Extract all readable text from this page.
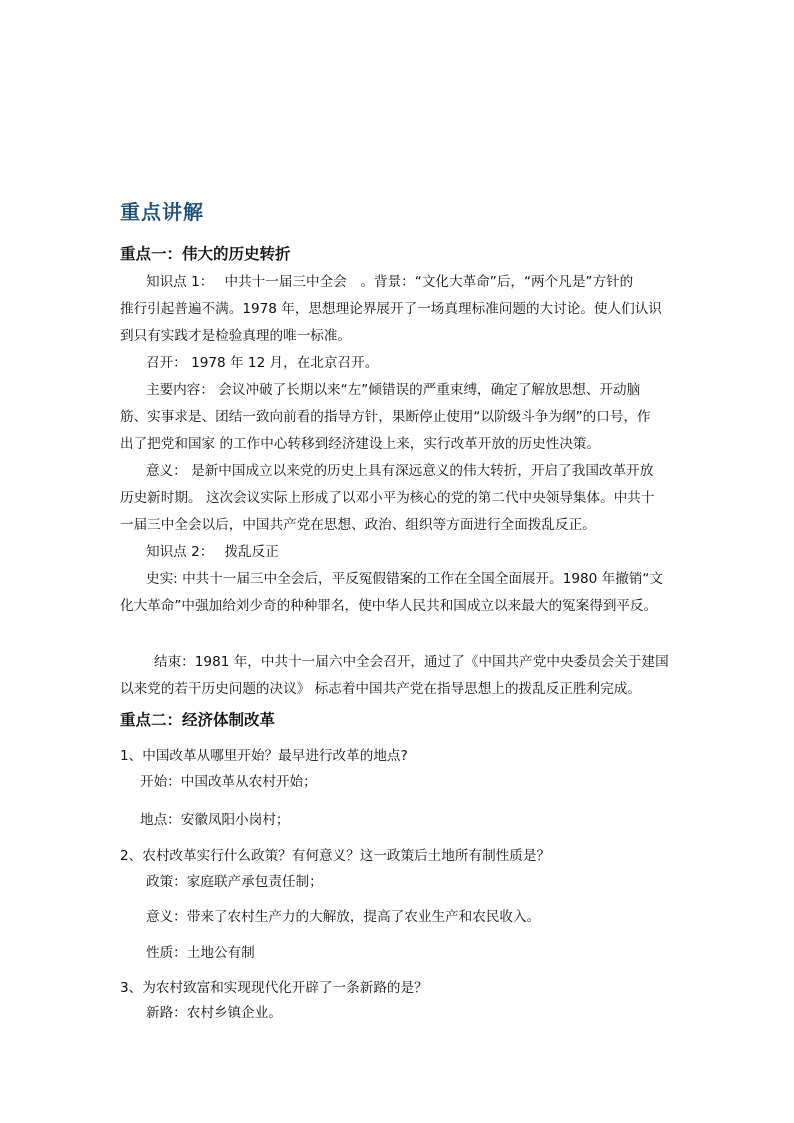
重点讲解
重点一：伟大的历史转折
知识点 1：　 中共十一届三中全会　。背景：“文化大革命”后，“两个凡是”方针的
推行引起普遍不满。1978 年，思想理论界展开了一场真理标准问题的大讨论。使人们认识
到只有实践才是检验真理的唯一标准。
召开： 1978 年 12 月，在北京召开。
主要内容： 会议冲破了长期以来“左”倾错误的严重束缚，确定了解放思想、开动脑
筋、实事求是、团结一致向前看的指导方针，果断停止使用“以阶级斗争为纲”的口号，作
出了把党和国家 的工作中心转移到经济建设上来，实行改革开放的历史性决策。
意义： 是新中国成立以来党的历史上具有深远意义的伟大转折，开启了我国改革开放
历史新时期。 这次会议实际上形成了以邓小平为核心的党的第二代中央领导集体。中共十
一届三中全会以后，中国共产党在思想、政治、组织等方面进行全面拨乱反正。
知识点 2：　 拨乱反正
史实: 中共十一届三中全会后，平反冤假错案的工作在全国全面展开。1980 年撤销“文
化大革命”中强加给刘少奇的种种罪名，使中华人民共和国成立以来最大的冤案得到平反。
结束：1981 年，中共十一届六中全会召开，通过了《中国共产党中央委员会关于建国
以来党的若干历史问题的决议》 标志着中国共产党在指导思想上的拨乱反正胜利完成。
重点二：经济体制改革
1、中国改革从哪里开始？最早进行改革的地点?
开始：中国改革从农村开始；
地点：安徽凤阳小岗村；
2、农村改革实行什么政策？有何意义？这一政策后土地所有制性质是？
政策：家庭联产承包责任制；
意义：带来了农村生产力的大解放，提高了农业生产和农民收入。
性质：土地公有制
3、为农村致富和实现现代化开辟了一条新路的是？
新路：农村乡镇企业。
